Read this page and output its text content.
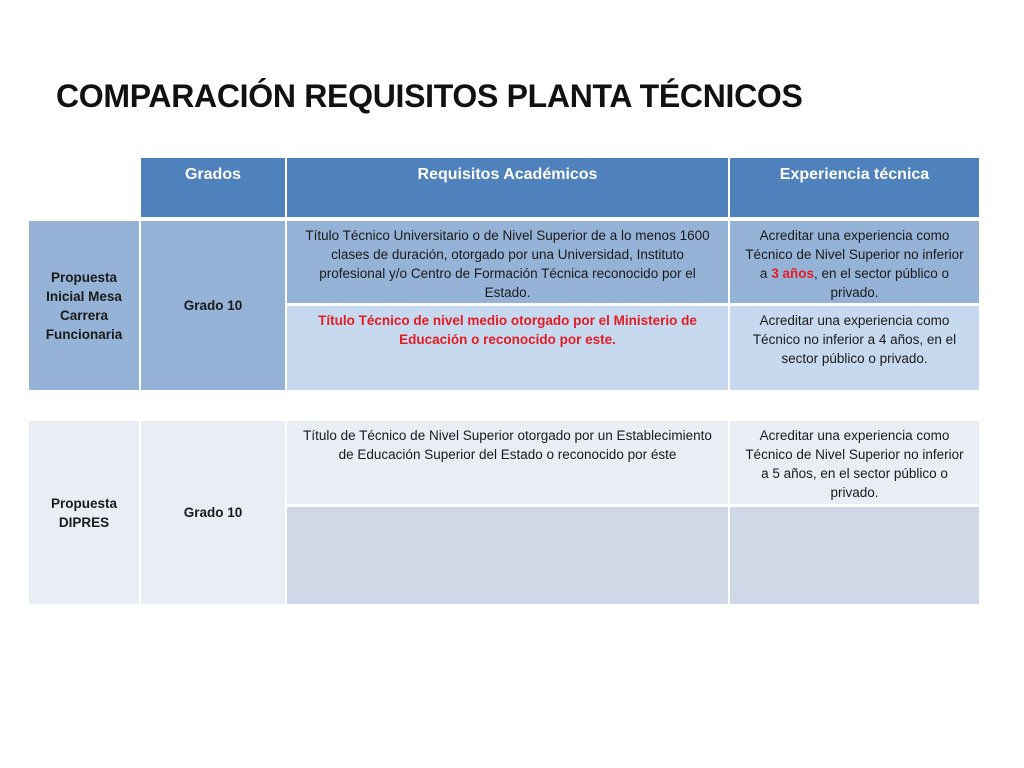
COMPARACIÓN REQUISITOS PLANTA TÉCNICOS
Grados	Requisitos Académicos	Experiencia técnica
Propuesta Inicial Mesa Carrera Funcionaria
Grado 10
Título Técnico Universitario o de Nivel Superior de a lo menos 1600 clases de duración, otorgado por una Universidad, Instituto profesional y/o Centro de Formación Técnica reconocido por el Estado.
Acreditar una experiencia como Técnico de Nivel Superior no inferior a 3 años, en el sector público o privado.
Título Técnico de nivel medio otorgado por el Ministerio de Educación o reconocido por este.
Acreditar una experiencia como Técnico no inferior a 4 años, en el sector público o privado.
Propuesta DIPRES
Grado 10
Título de Técnico de Nivel Superior otorgado por un Establecimiento de Educación Superior del Estado o reconocido por éste
Acreditar una experiencia como Técnico de Nivel Superior no inferior a 5 años, en el sector público o privado.
